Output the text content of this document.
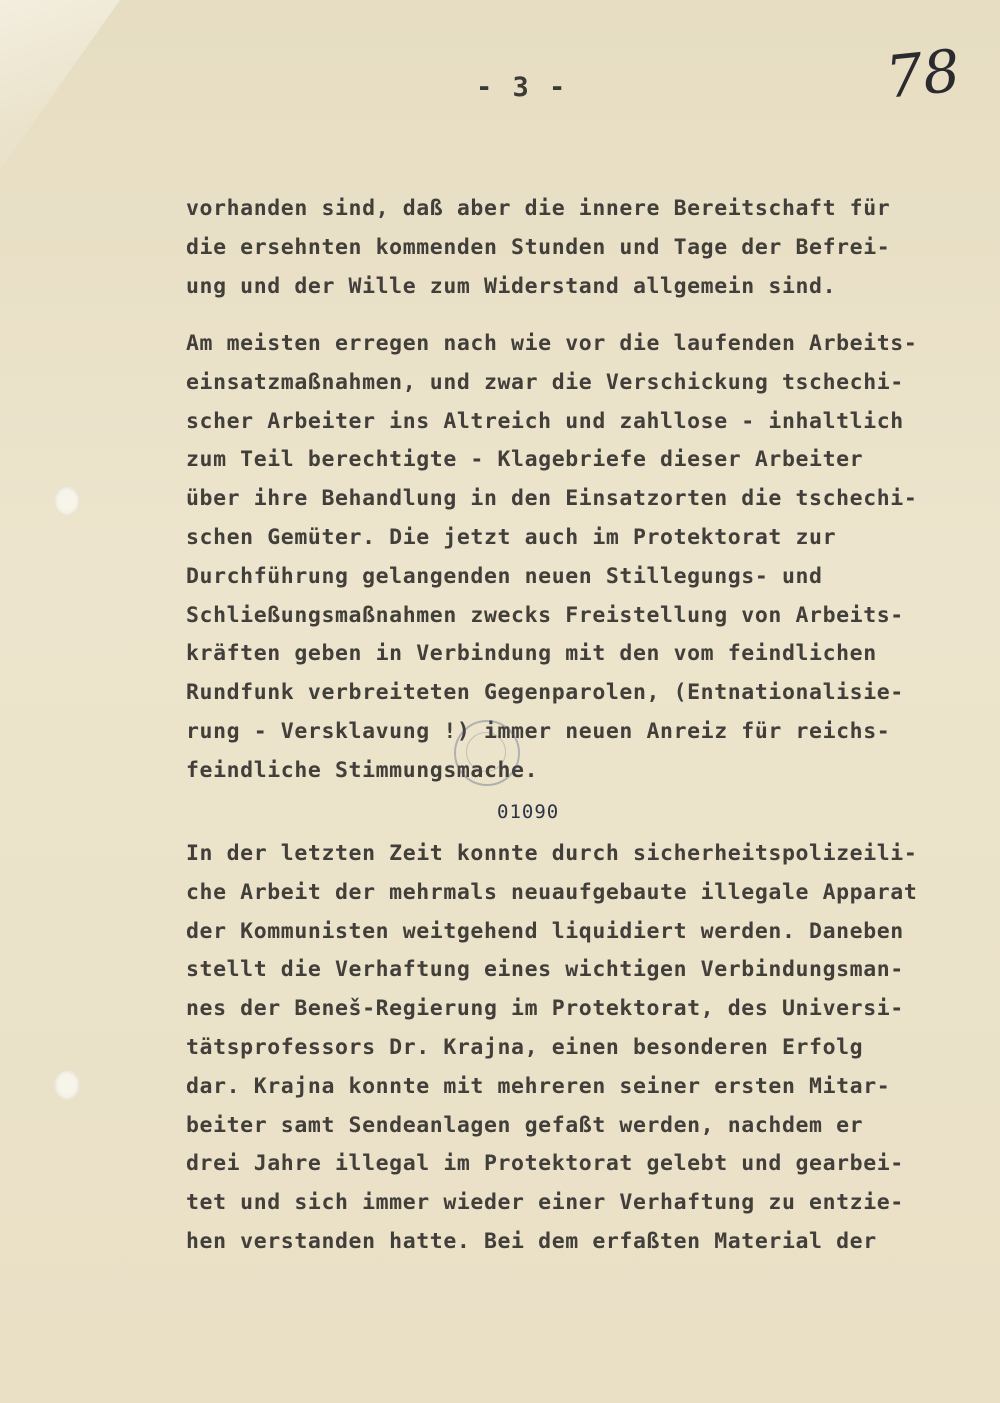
- 3 -	78

vorhanden sind, daß aber die innere Bereitschaft für
die ersehnten kommenden Stunden und Tage der Befrei-
ung und der Wille zum Widerstand allgemein sind.
Am meisten erregen nach wie vor die laufenden Arbeits-
einsatzmaßnahmen, und zwar die Verschickung tschechi-
scher Arbeiter ins Altreich und zahllose - inhaltlich
zum Teil berechtigte - Klagebriefe dieser Arbeiter
über ihre Behandlung in den Einsatzorten die tschechi-
schen Gemüter. Die jetzt auch im Protektorat zur
Durchführung gelangenden neuen Stillegungs- und
Schließungsmaßnahmen zwecks Freistellung von Arbeits-
kräften geben in Verbindung mit den vom feindlichen
Rundfunk verbreiteten Gegenparolen, (Entnationalisie-
rung - Versklavung !) immer neuen Anreiz für reichs-
feindliche Stimmungsmache.

01090

In der letzten Zeit konnte durch sicherheitspolizeili-
che Arbeit der mehrmals neuaufgebaute illegale Apparat
der Kommunisten weitgehend liquidiert werden. Daneben
stellt die Verhaftung eines wichtigen Verbindungsman-
nes der Beneš-Regierung im Protektorat, des Universi-
tätsprofessors Dr. Krajna, einen besonderen Erfolg
dar. Krajna konnte mit mehreren seiner ersten Mitar-
beiter samt Sendeanlagen gefaßt werden, nachdem er
drei Jahre illegal im Protektorat gelebt und gearbei-
tet und sich immer wieder einer Verhaftung zu entzie-
hen verstanden hatte. Bei dem erfaßten Material der
